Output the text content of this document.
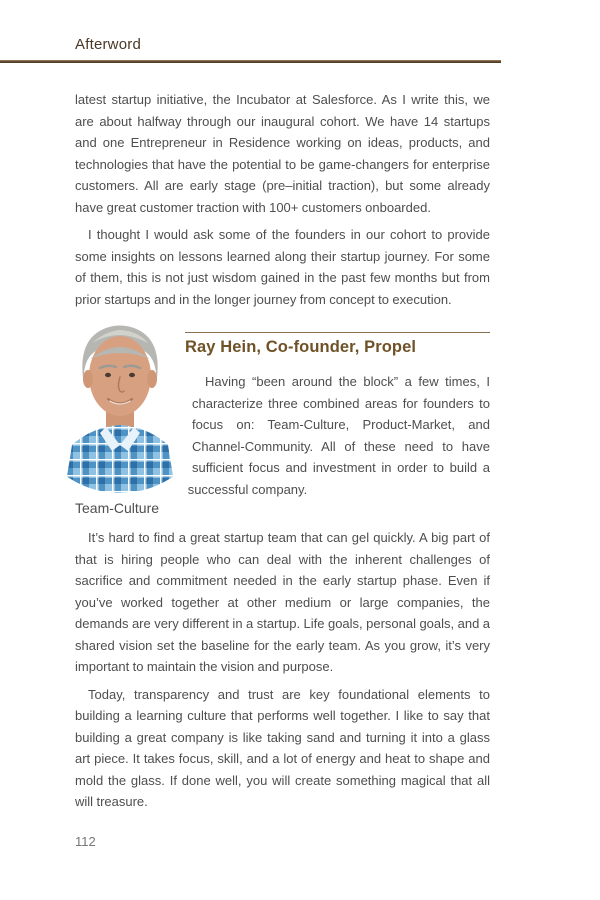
Afterword

latest startup initiative, the Incubator at Salesforce. As I write this, we are about halfway through our inaugural cohort. We have 14 startups and one Entrepreneur in Residence working on ideas, products, and technologies that have the potential to be game-changers for enterprise customers. All are early stage (pre–initial traction), but some already have great customer traction with 100+ customers onboarded.

I thought I would ask some of the founders in our cohort to provide some insights on lessons learned along their startup journey. For some of them, this is not just wisdom gained in the past few months but from prior startups and in the longer journey from concept to execution.

Ray Hein, Co-founder, Propel

Having “been around the block” a few times, I characterize three combined areas for founders to focus on: Team-Culture, Product-Market, and Channel-Community. All of these need to have sufficient focus and investment in order to build a successful company.

Team-Culture

It’s hard to find a great startup team that can gel quickly. A big part of that is hiring people who can deal with the inherent challenges of sacrifice and commitment needed in the early startup phase. Even if you’ve worked together at other medium or large companies, the demands are very different in a startup. Life goals, personal goals, and a shared vision set the baseline for the early team. As you grow, it’s very important to maintain the vision and purpose.

Today, transparency and trust are key foundational elements to building a learning culture that performs well together. I like to say that building a great company is like taking sand and turning it into a glass art piece. It takes focus, skill, and a lot of energy and heat to shape and mold the glass. If done well, you will create something magical that all will treasure.

112
